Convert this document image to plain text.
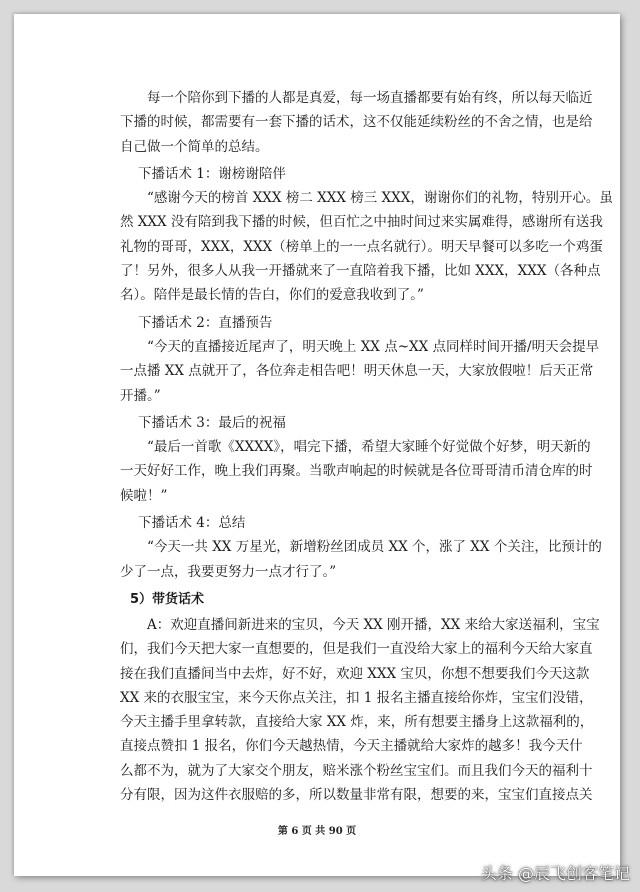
每一个陪你到下播的人都是真爱，每一场直播都要有始有终，所以每天临近
下播的时候，都需要有一套下播的话术，这不仅能延续粉丝的不舍之情，也是给
自己做一个简单的总结。
下播话术 1：谢榜谢陪伴
“感谢今天的榜首 XXX 榜二 XXX 榜三 XXX，谢谢你们的礼物，特别开心。虽
然 XXX 没有陪到我下播的时候，但百忙之中抽时间过来实属难得，感谢所有送我
礼物的哥哥，XXX，XXX（榜单上的一一点名就行）。明天早餐可以多吃一个鸡蛋
了！另外，很多人从我一开播就来了一直陪着我下播，比如 XXX，XXX（各种点
名）。陪伴是最长情的告白，你们的爱意我收到了。”
下播话术 2：直播预告
“今天的直播接近尾声了，明天晚上 XX 点~XX 点同样时间开播/明天会提早
一点播 XX 点就开了，各位奔走相告吧！明天休息一天，大家放假啦！后天正常
开播。”
下播话术 3：最后的祝福
“最后一首歌《XXXX》，唱完下播，希望大家睡个好觉做个好梦，明天新的
一天好好工作，晚上我们再聚。当歌声响起的时候就是各位哥哥清币清仓库的时
候啦！”
下播话术 4：总结
“今天一共 XX 万星光，新增粉丝团成员 XX 个，涨了 XX 个关注，比预计的
少了一点，我要更努力一点才行了。”
5）带货话术
A：欢迎直播间新进来的宝贝，今天 XX 刚开播，XX 来给大家送福利，宝宝
们，我们今天把大家一直想要的，但是我们一直没给大家上的福利今天给大家直
接在我们直播间当中去炸，好不好，欢迎 XXX 宝贝，你想不想要我们今天这款
XX 来的衣服宝宝，来今天你点关注，扣 1 报名主播直接给你炸，宝宝们没错，
今天主播手里拿转款，直接给大家 XX 炸，来，所有想要主播身上这款福利的，
直接点赞扣 1 报名，你们今天越热情，今天主播就给大家炸的越多！我今天什
么都不为，就为了大家交个朋友，赔米涨个粉丝宝宝们。而且我们今天的福利十
分有限，因为这件衣服赔的多，所以数量非常有限，想要的来，宝宝们直接点关
第 6 页 共 90 页
头条 @辰飞创客笔记
